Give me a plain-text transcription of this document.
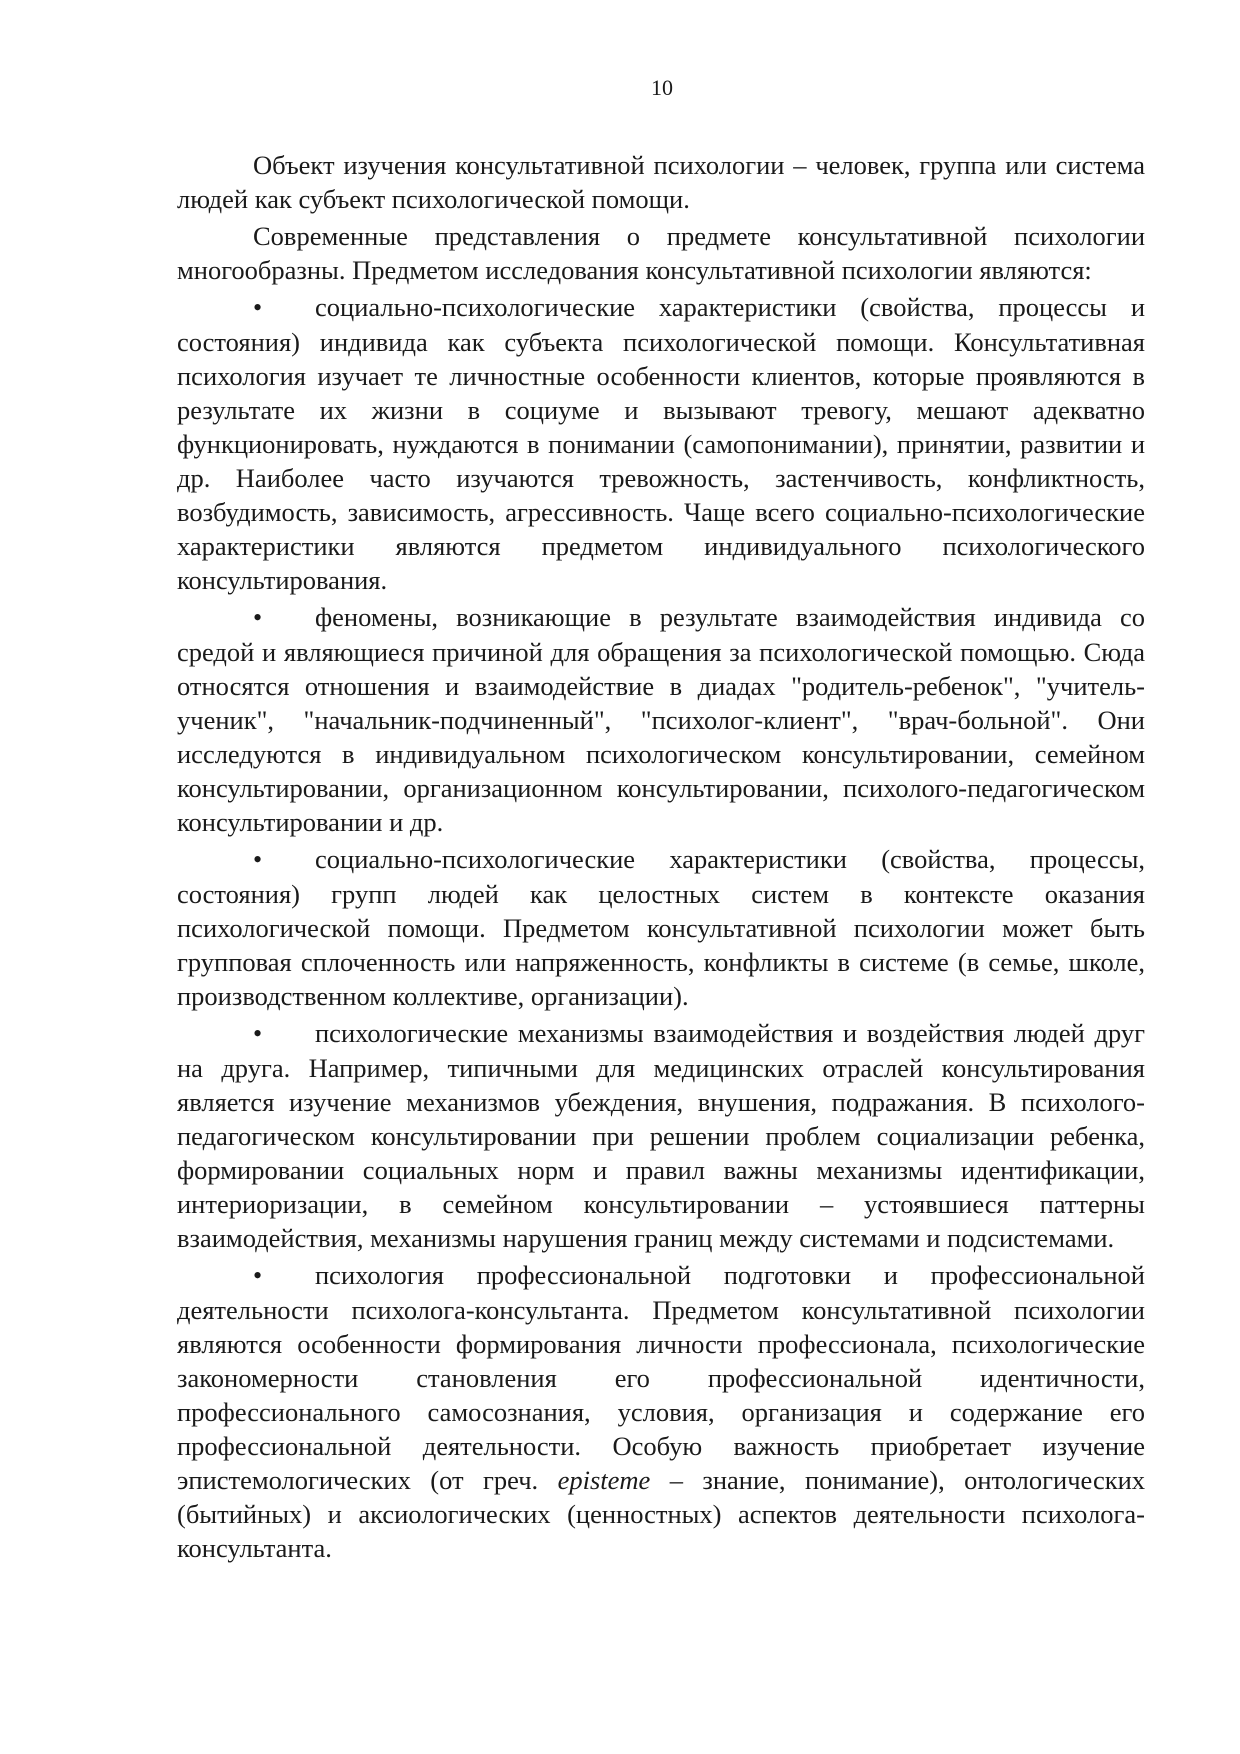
10

Объект изучения консультативной психологии – человек, группа или система людей как субъект психологической помощи.

Современные представления о предмете консультативной психологии многообразны. Предметом исследования консультативной психологии являются:

• социально-психологические характеристики (свойства, процессы и состояния) индивида как субъекта психологической помощи. Консультативная психология изучает те личностные особенности клиентов, которые проявляются в результате их жизни в социуме и вызывают тревогу, мешают адекватно функционировать, нуждаются в понимании (самопонимании), принятии, развитии и др. Наиболее часто изучаются тревожность, застенчивость, конфликтность, возбудимость, зависимость, агрессивность. Чаще всего социально-психологические характеристики являются предметом индивидуального психологического консультирования.

• феномены, возникающие в результате взаимодействия индивида со средой и являющиеся причиной для обращения за психологической помощью. Сюда относятся отношения и взаимодействие в диадах "родитель-ребенок", "учитель-ученик", "начальник-подчиненный", "психолог-клиент", "врач-больной". Они исследуются в индивидуальном психологическом консультировании, семейном консультировании, организационном консультировании, психолого-педагогическом консультировании и др.

• социально-психологические характеристики (свойства, процессы, состояния) групп людей как целостных систем в контексте оказания психологической помощи. Предметом консультативной психологии может быть групповая сплоченность или напряженность, конфликты в системе (в семье, школе, производственном коллективе, организации).

• психологические механизмы взаимодействия и воздействия людей друг на друга. Например, типичными для медицинских отраслей консультирования является изучение механизмов убеждения, внушения, подражания. В психолого-педагогическом консультировании при решении проблем социализации ребенка, формировании социальных норм и правил важны механизмы идентификации, интериоризации, в семейном консультировании – устоявшиеся паттерны взаимодействия, механизмы нарушения границ между системами и подсистемами.

• психология профессиональной подготовки и профессиональной деятельности психолога-консультанта. Предметом консультативной психологии являются особенности формирования личности профессионала, психологические закономерности становления его профессиональной идентичности, профессионального самосознания, условия, организация и содержание его профессиональной деятельности. Особую важность приобретает изучение эпистемологических (от греч. episteme – знание, понимание), онтологических (бытийных) и аксиологических (ценностных) аспектов деятельности психолога-консультанта.
